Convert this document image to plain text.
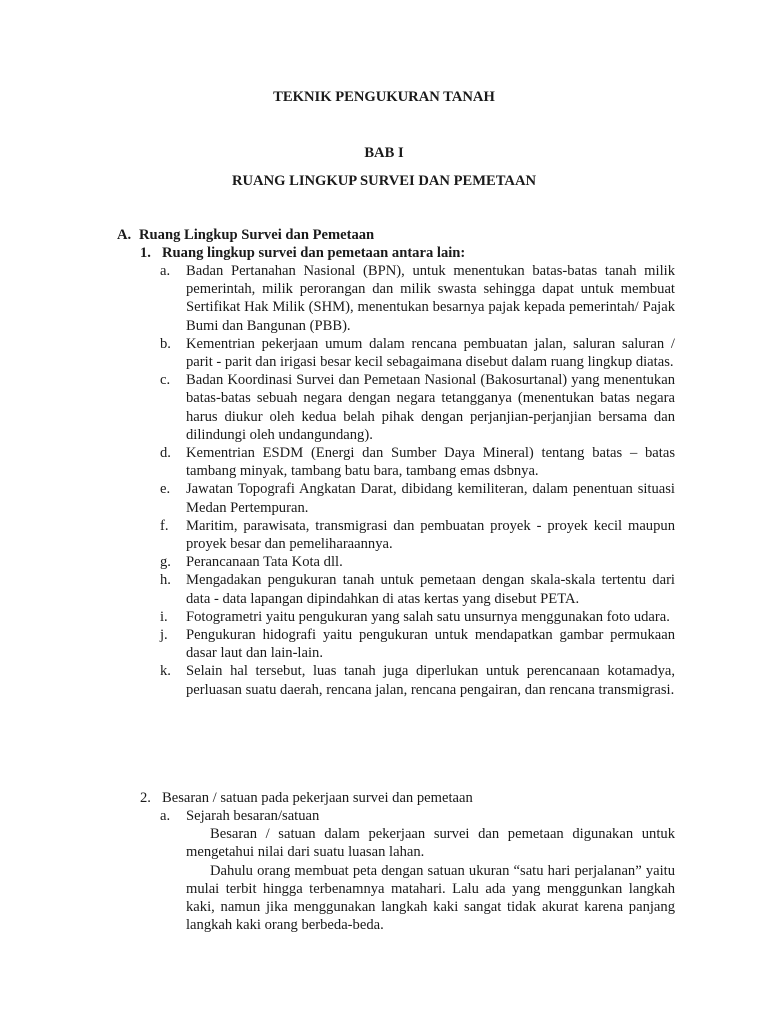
TEKNIK PENGUKURAN TANAH
BAB I
RUANG LINGKUP SURVEI DAN PEMETAAN
A. Ruang Lingkup Survei dan Pemetaan
1. Ruang lingkup survei dan pemetaan antara lain:
a. Badan Pertanahan Nasional (BPN), untuk menentukan batas-batas tanah milik pemerintah, milik perorangan dan milik swasta sehingga dapat untuk membuat Sertifikat Hak Milik (SHM), menentukan besarnya pajak kepada pemerintah/ Pajak Bumi dan Bangunan (PBB).
b. Kementrian pekerjaan umum dalam rencana pembuatan jalan, saluran saluran / parit - parit dan irigasi besar kecil sebagaimana disebut dalam ruang lingkup diatas.
c. Badan Koordinasi Survei dan Pemetaan Nasional (Bakosurtanal) yang menentukan batas-batas sebuah negara dengan negara tetangganya (menentukan batas negara harus diukur oleh kedua belah pihak dengan perjanjian-perjanjian bersama dan dilindungi oleh undangundang).
d. Kementrian ESDM (Energi dan Sumber Daya Mineral) tentang batas – batas tambang minyak, tambang batu bara, tambang emas dsbnya.
e. Jawatan Topografi Angkatan Darat, dibidang kemiliteran, dalam penentuan situasi Medan Pertempuran.
f. Maritim, parawisata, transmigrasi dan pembuatan proyek - proyek kecil maupun proyek besar dan pemeliharaannya.
g. Perancanaan Tata Kota dll.
h. Mengadakan pengukuran tanah untuk pemetaan dengan skala-skala tertentu dari data - data lapangan dipindahkan di atas kertas yang disebut PETA.
i. Fotogrametri yaitu pengukuran yang salah satu unsurnya menggunakan foto udara.
j. Pengukuran hidografi yaitu pengukuran untuk mendapatkan gambar permukaan dasar laut dan lain-lain.
k. Selain hal tersebut, luas tanah juga diperlukan untuk perencanaan kotamadya, perluasan suatu daerah, rencana jalan, rencana pengairan, dan rencana transmigrasi.
2. Besaran / satuan pada pekerjaan survei dan pemetaan
a. Sejarah besaran/satuan
Besaran / satuan dalam pekerjaan survei dan pemetaan digunakan untuk mengetahui nilai dari suatu luasan lahan.
Dahulu orang membuat peta dengan satuan ukuran “satu hari perjalanan” yaitu mulai terbit hingga terbenamnya matahari. Lalu ada yang menggunkan langkah kaki, namun jika menggunakan langkah kaki sangat tidak akurat karena panjang langkah kaki orang berbeda-beda.
